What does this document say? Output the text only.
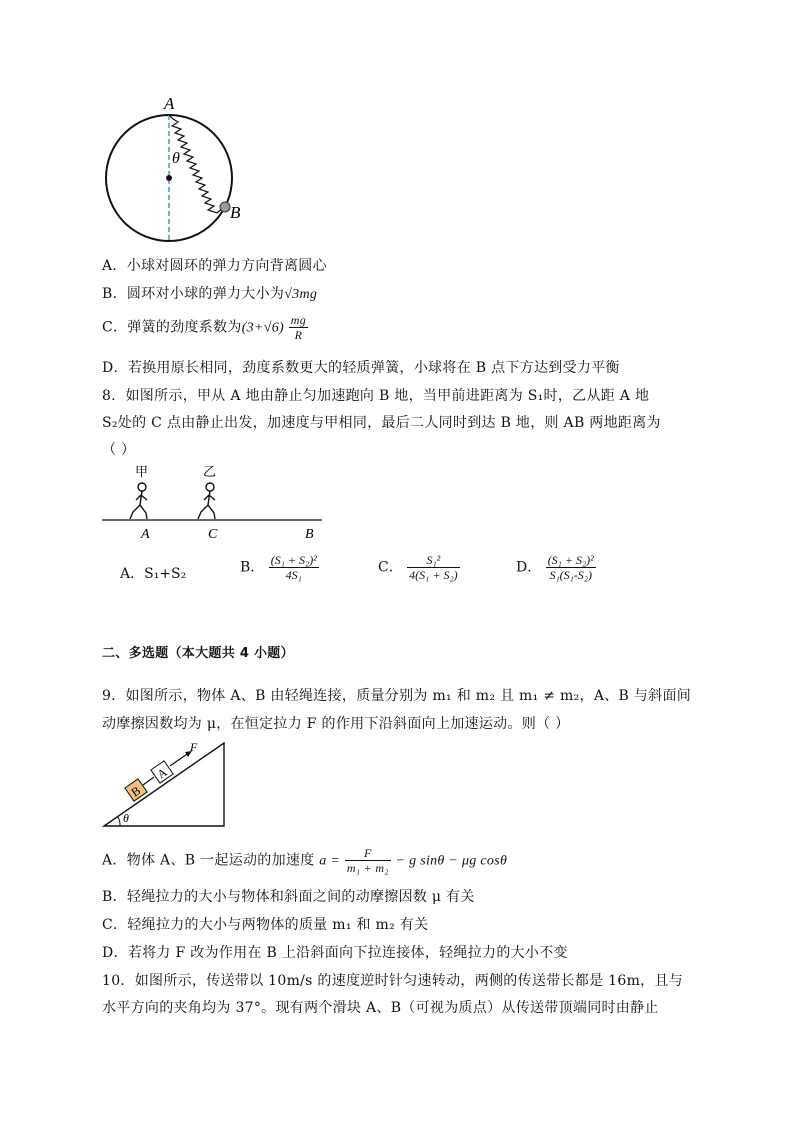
A
θ
B
A．小球对圆环的弹力方向背离圆心
B．圆环对小球的弹力大小为√3mg
C．弹簧的劲度系数为$(3+√6) \frac{mg}{R}$
D．若换用原长相同，劲度系数更大的轻质弹簧，小球将在 B 点下方达到受力平衡
8．如图所示，甲从 A 地由静止匀加速跑向 B 地，当甲前进距离为 S₁时，乙从距 A 地
S₂处的 C 点由静止出发，加速度与甲相同，最后二人同时到达 B 地，则 AB 两地距离为
（ ）
甲	乙
A	C	B
A．S₁+S₂	B． $\frac{\text{(S₁ + S₂)²}}{\text{4S₁}}$	C． $\frac{\text{S₁²}}{\text{4(S₁ + S₂)}}$	D． $\frac{\text{(S₁ + S₂)²}}{\text{S₁(S₁-S₂)}}$
二、多选题（本大题共 4 小题）
9．如图所示，物体 A、B 由轻绳连接，质量分别为 m₁ 和 m₂ 且 m₁ ≠ m₂，A、B 与斜面间
动摩擦因数均为 μ，在恒定拉力 F 的作用下沿斜面向上加速运动。则（ ）
θ
B
A
F
A．物体 A、B 一起运动的加速度 $a = \frac{F}{\text{m₁ + m₂}} - g$ sinθ − μg cosθ
B．轻绳拉力的大小与物体和斜面之间的动摩擦因数 μ 有关
C．轻绳拉力的大小与两物体的质量 m₁ 和 m₂ 有关
D．若将力 F 改为作用在 B 上沿斜面向下拉连接体，轻绳拉力的大小不变
10．如图所示，传送带以 10m/s 的速度逆时针匀速转动，两侧的传送带长都是 16m，且与
水平方向的夹角均为 37°。现有两个滑块 A、B（可视为质点）从传送带顶端同时由静止
